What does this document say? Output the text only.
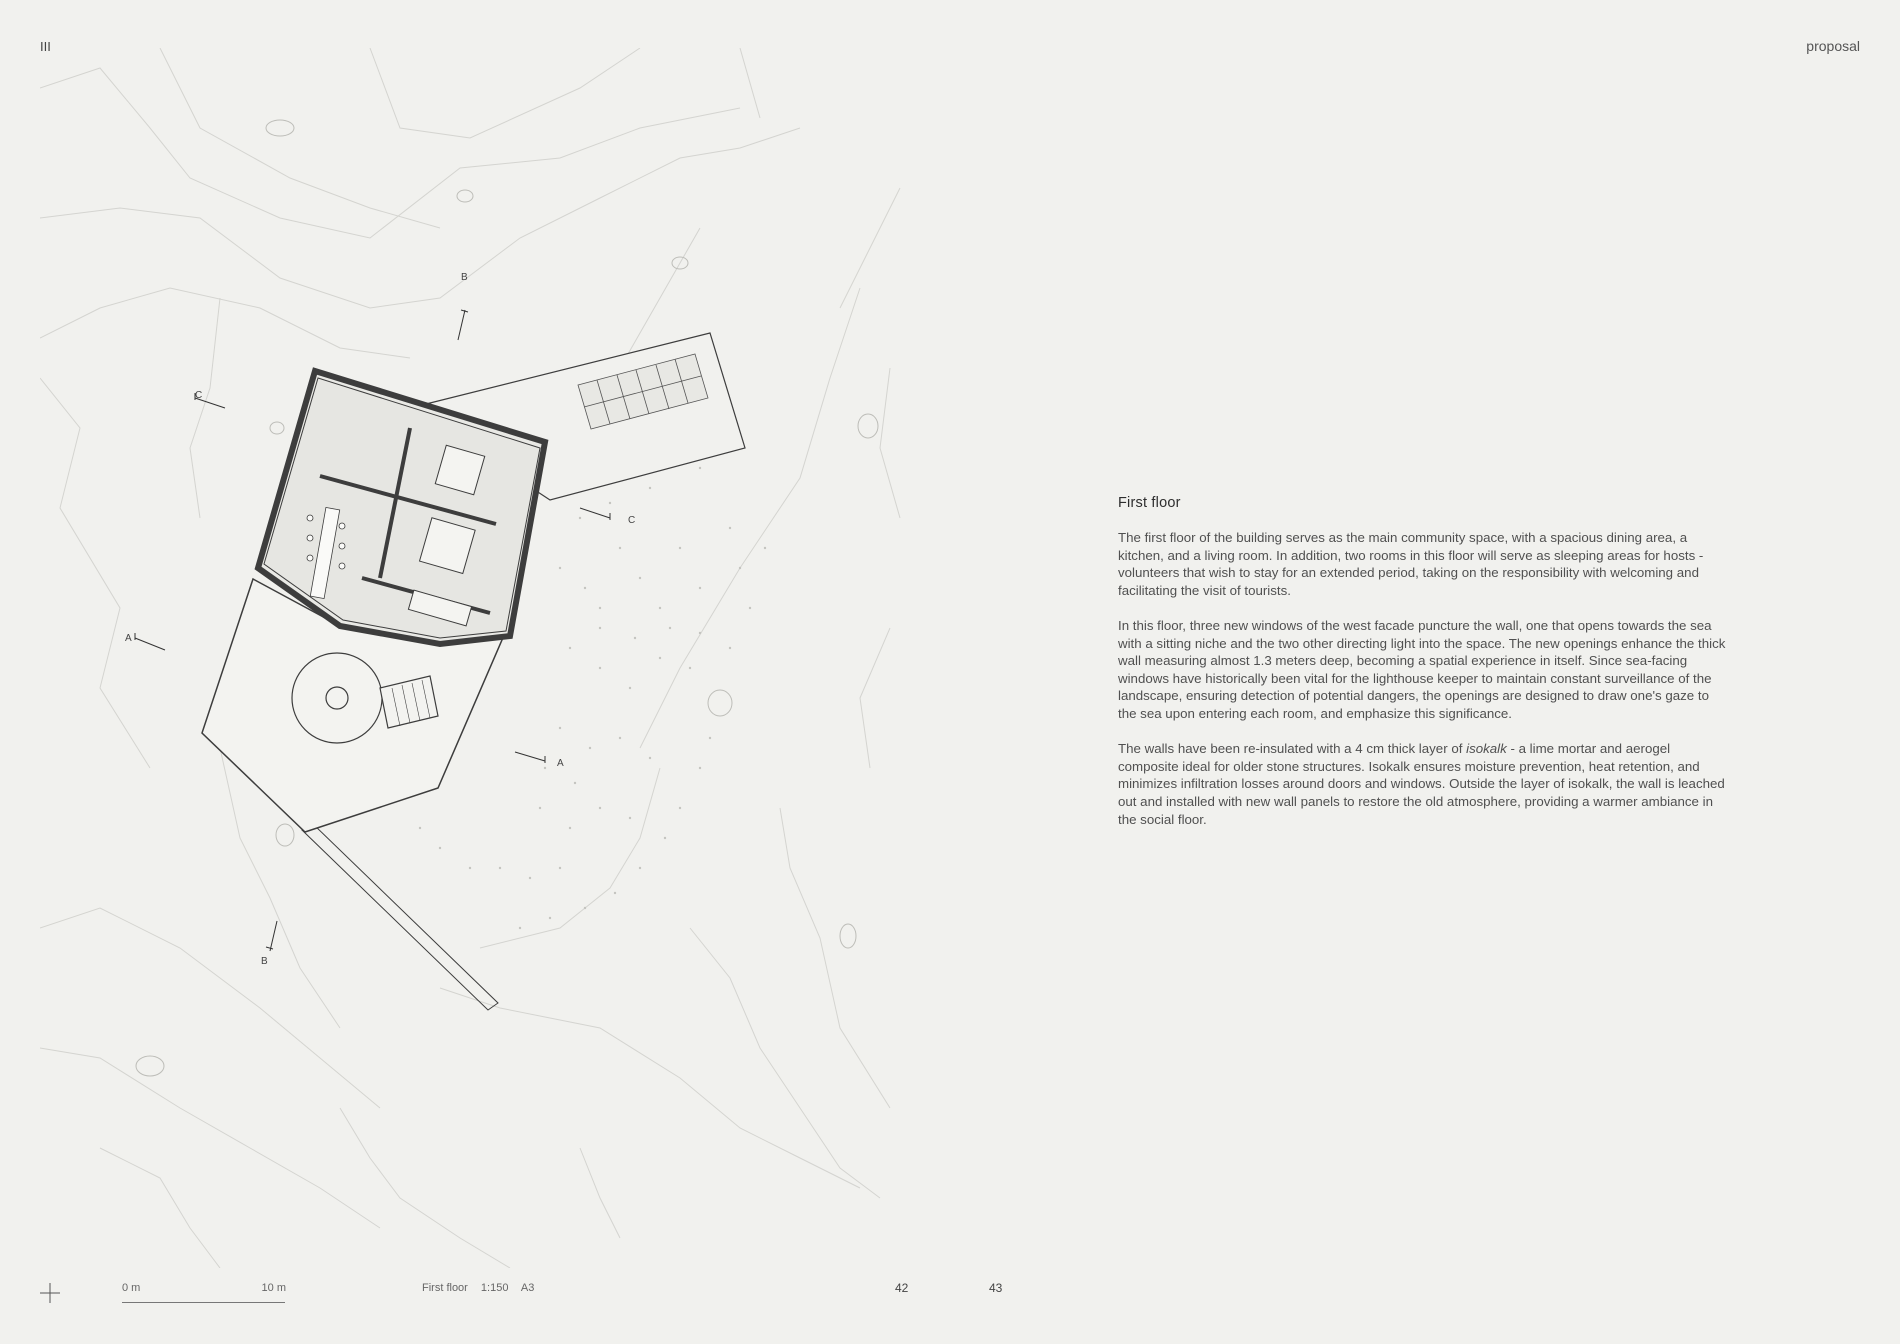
III	proposal
B
B
C
C
A
A
First floor

The first floor of the building serves as the main community space, with a spacious dining area, a kitchen, and a living room. In addition, two rooms in this floor will serve as sleeping areas for hosts - volunteers that wish to stay for an extended period, taking on the responsibility with welcoming and facilitating the visit of tourists.

In this floor, three new windows of the west facade puncture the wall, one that opens towards the sea with a sitting niche and the two other directing light into the space. The new openings enhance the thick wall measuring almost 1.3 meters deep, becoming a spatial experience in itself. Since sea-facing windows have historically been vital for the lighthouse keeper to maintain constant surveillance of the landscape, ensuring detection of potential dangers, the openings are designed to draw one's gaze to the sea upon entering each room, and emphasize this significance.

The walls have been re-insulated with a 4 cm thick layer of isokalk - a lime mortar and aerogel composite ideal for older stone structures. Isokalk ensures moisture prevention, heat retention, and minimizes infiltration losses around doors and windows. Outside the layer of isokalk, the wall is leached out and installed with new wall panels to restore the old atmosphere, providing a warmer ambiance in the social floor.

0 m	10 m	First floor 1:150 A3	42	43
